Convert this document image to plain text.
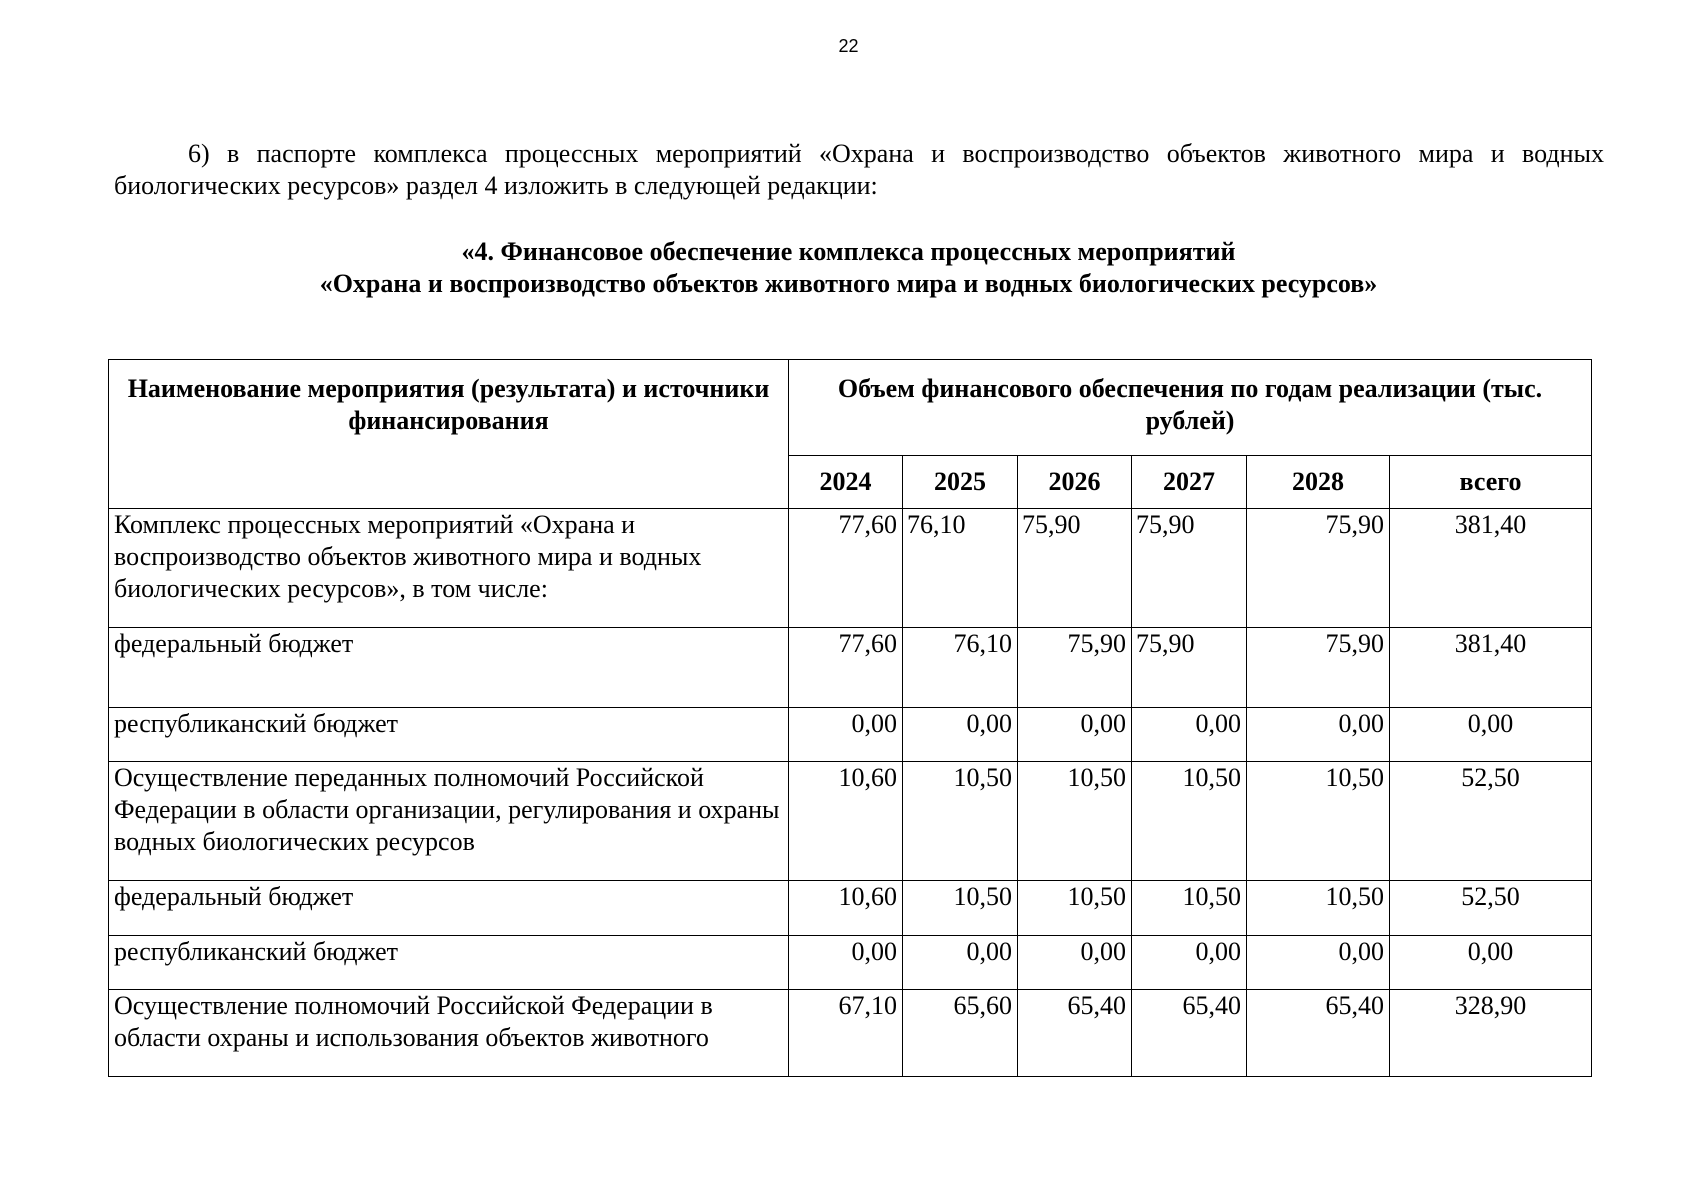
22

6) в паспорте комплекса процессных мероприятий «Охрана и воспроизводство объектов животного мира и водных биологических ресурсов» раздел 4 изложить в следующей редакции:

«4. Финансовое обеспечение комплекса процессных мероприятий
«Охрана и воспроизводство объектов животного мира и водных биологических ресурсов»
Наименование мероприятия (результата) и источники финансирования	Объем финансового обеспечения по годам реализации (тыс. рублей)					
	2024	2025	2026	2027	2028	всего
Комплекс процессных мероприятий «Охрана и воспроизводство объектов животного мира и водных биологических ресурсов», в том числе:	77,60	76,10	75,90	75,90	75,90	381,40
федеральный бюджет	77,60	76,10	75,90	75,90	75,90	381,40
республиканский бюджет	0,00	0,00	0,00	0,00	0,00	0,00
Осуществление переданных полномочий Российской Федерации в области организации, регулирования и охраны водных биологических ресурсов	10,60	10,50	10,50	10,50	10,50	52,50
федеральный бюджет	10,60	10,50	10,50	10,50	10,50	52,50
республиканский бюджет	0,00	0,00	0,00	0,00	0,00	0,00
Осуществление полномочий Российской Федерации в области охраны и использования объектов животного	67,10	65,60	65,40	65,40	65,40	328,90
